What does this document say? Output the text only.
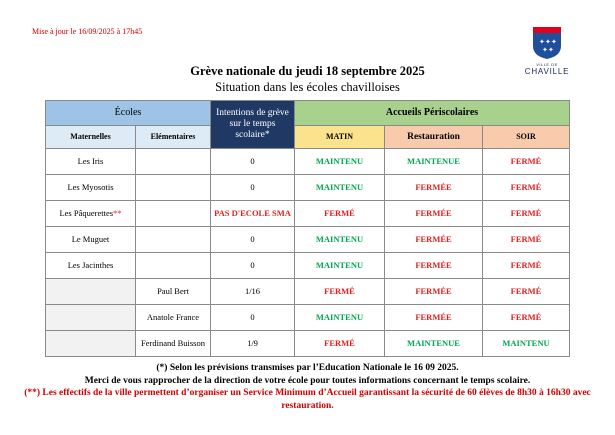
Mise à jour le 16/09/2025 à 17h45
✦ ✦ ✦
✦ ✦
VILLE DE
CHAVILLE
Grève nationale du jeudi 18 septembre 2025
Situation dans les écoles chavilloises
Écoles		Intentions de grève sur le temps scolaire*	Accueils Périscolaires		
Maternelles	Elémentaires		MATIN	Restauration	SOIR
Les Iris		0	MAINTENU	MAINTENUE	FERMÉ
Les Myosotis		0	MAINTENU	FERMÉE	FERMÉ
Les Pâquerettes**		PAS D'ECOLE SMA	FERMÉ	FERMÉE	FERMÉ
Le Muguet		0	MAINTENU	FERMÉE	FERMÉ
Les Jacinthes		0	MAINTENU	FERMÉE	FERMÉ
	Paul Bert	1/16	FERMÉ	FERMÉE	FERMÉ
	Anatole France	0	MAINTENU	FERMÉE	FERMÉ
	Ferdinand Buisson	1/9	FERMÉ	MAINTENUE	MAINTENU
(*) Selon les prévisions transmises par l’Education Nationale le 16 09 2025.
Merci de vous rapprocher de la direction de votre école pour toutes informations concernant le temps scolaire.
(**) Les effectifs de la ville permettent d’organiser un Service Minimum d’Accueil garantissant la sécurité de 60 élèves de 8h30 à 16h30 avec restauration.
